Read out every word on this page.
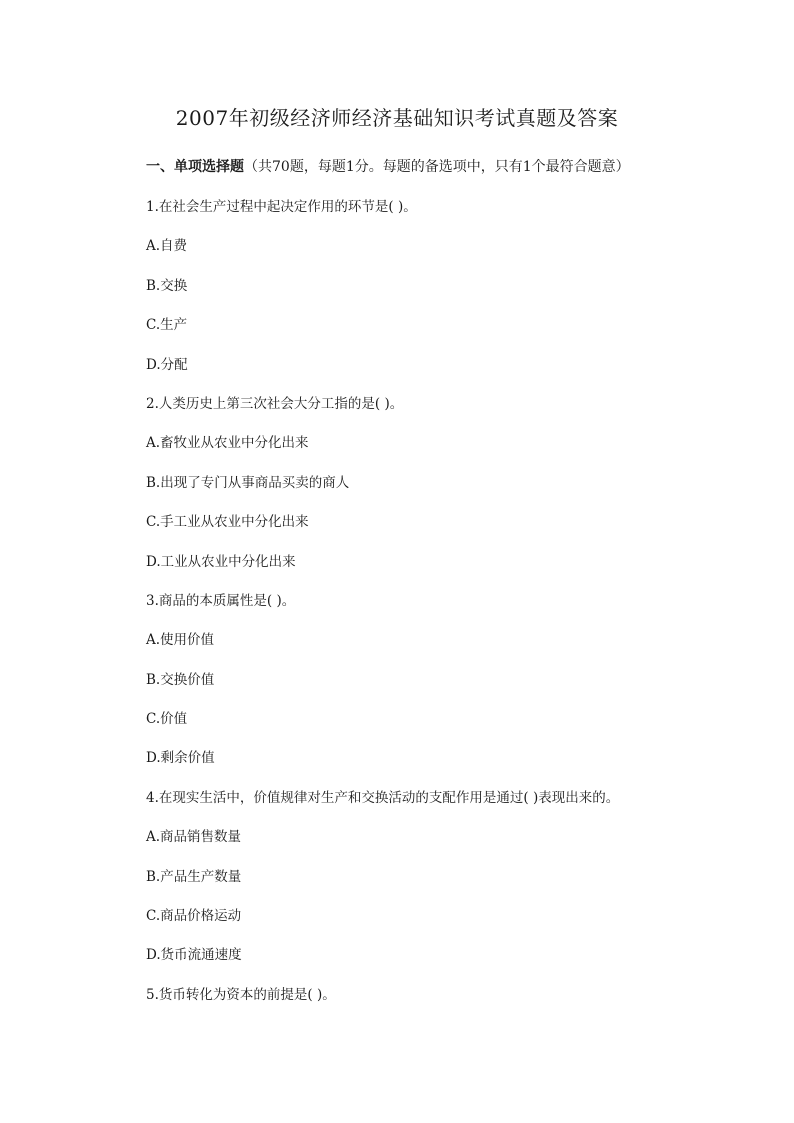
2007年初级经济师经济基础知识考试真题及答案
一、单项选择题（共70题，每题1分。每题的备选项中，只有1个最符合题意）
1.在社会生产过程中起决定作用的环节是( )。
A.自费
B.交换
C.生产
D.分配
2.人类历史上第三次社会大分工指的是( )。
A.畜牧业从农业中分化出来
B.出现了专门从事商品买卖的商人
C.手工业从农业中分化出来
D.工业从农业中分化出来
3.商品的本质属性是( )。
A.使用价值
B.交换价值
C.价值
D.剩余价值
4.在现实生活中，价值规律对生产和交换活动的支配作用是通过( )表现出来的。
A.商品销售数量
B.产品生产数量
C.商品价格运动
D.货币流通速度
5.货币转化为资本的前提是( )。
